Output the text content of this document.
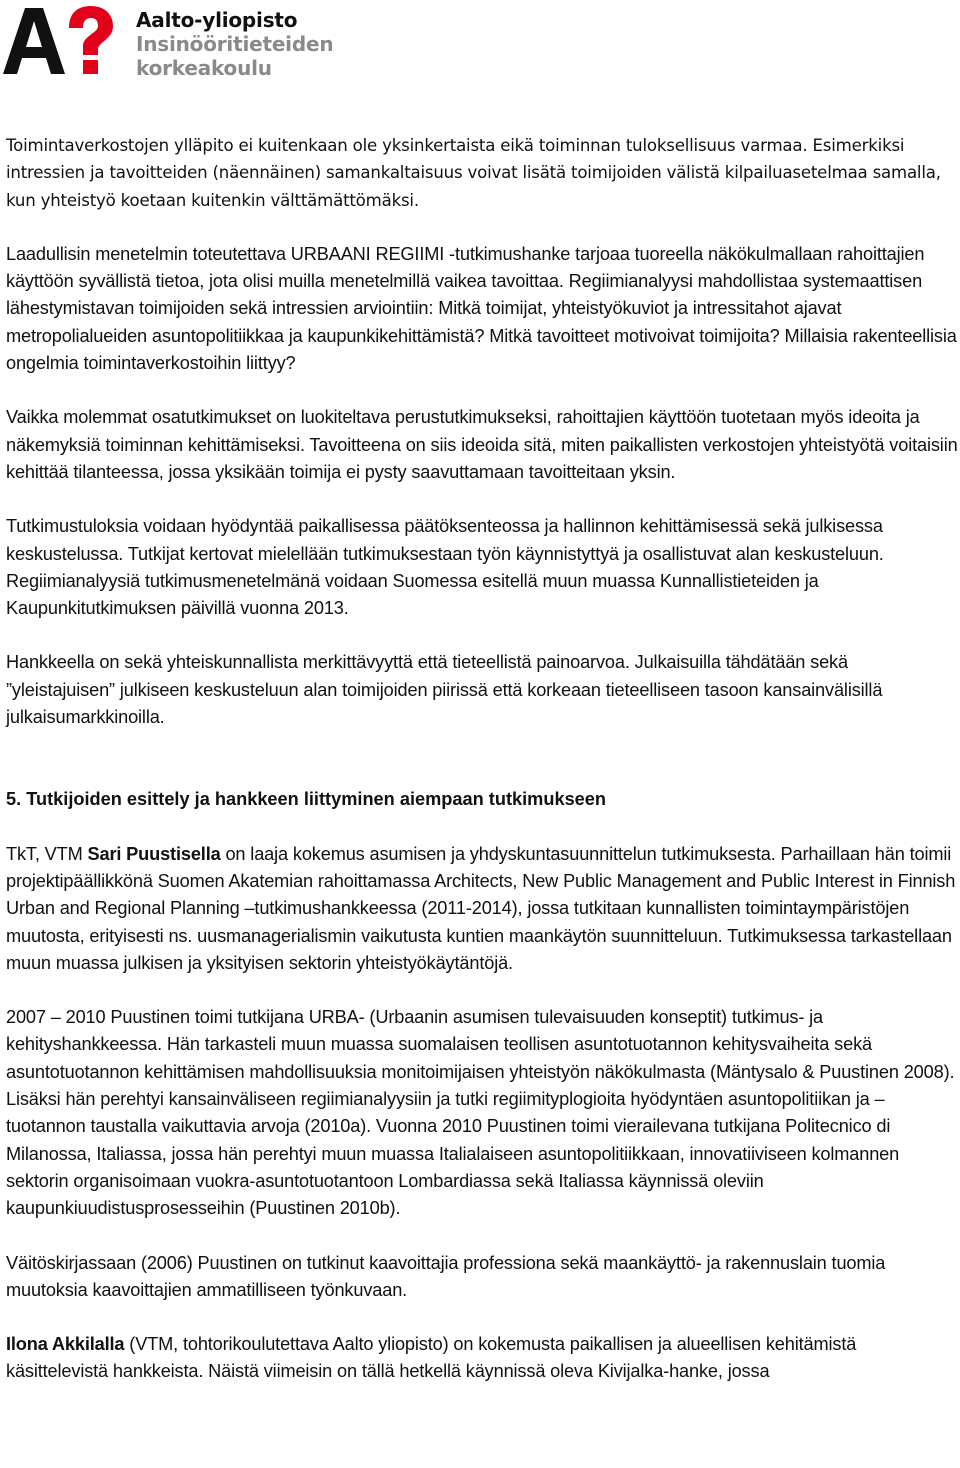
Aalto-yliopisto
Insinööritieteiden
korkeakoulu

Toimintaverkostojen ylläpito ei kuitenkaan ole yksinkertaista eikä toiminnan tuloksellisuus varmaa. Esimerkiksi intressien ja tavoitteiden (näennäinen) samankaltaisuus voivat lisätä toimijoiden välistä kilpailuasetelmaa samalla, kun yhteistyö koetaan kuitenkin välttämättömäksi.

Laadullisin menetelmin toteutettava URBAANI REGIIMI -tutkimushanke tarjoaa tuoreella näkökulmallaan rahoittajien käyttöön syvällistä tietoa, jota olisi muilla menetelmillä vaikea tavoittaa. Regiimianalyysi mahdollistaa systemaattisen lähestymistavan toimijoiden sekä intressien arviointiin: Mitkä toimijat, yhteistyökuviot ja intressitahot ajavat metropolialueiden asuntopolitiikkaa ja kaupunkikehittämistä? Mitkä tavoitteet motivoivat toimijoita? Millaisia rakenteellisia ongelmia toimintaverkostoihin liittyy?

Vaikka molemmat osatutkimukset on luokiteltava perustutkimukseksi, rahoittajien käyttöön tuotetaan myös ideoita ja näkemyksiä toiminnan kehittämiseksi. Tavoitteena on siis ideoida sitä, miten paikallisten verkostojen yhteistyötä voitaisiin kehittää tilanteessa, jossa yksikään toimija ei pysty saavuttamaan tavoitteitaan yksin.

Tutkimustuloksia voidaan hyödyntää paikallisessa päätöksenteossa ja hallinnon kehittämisessä sekä julkisessa keskustelussa. Tutkijat kertovat mielellään tutkimuksestaan työn käynnistyttyä ja osallistuvat alan keskusteluun. Regiimianalyysiä tutkimusmenetelmänä voidaan Suomessa esitellä muun muassa Kunnallistieteiden ja Kaupunkitutkimuksen päivillä vuonna 2013.

Hankkeella on sekä yhteiskunnallista merkittävyyttä että tieteellistä painoarvoa. Julkaisuilla tähdätään sekä ”yleistajuisen” julkiseen keskusteluun alan toimijoiden piirissä että korkeaan tieteelliseen tasoon kansainvälisillä julkaisumarkkinoilla.

5. Tutkijoiden esittely ja hankkeen liittyminen aiempaan tutkimukseen

TkT, VTM Sari Puustisella on laaja kokemus asumisen ja yhdyskuntasuunnittelun tutkimuksesta. Parhaillaan hän toimii projektipäällikkönä Suomen Akatemian rahoittamassa Architects, New Public Management and Public Interest in Finnish Urban and Regional Planning –tutkimushankkeessa (2011-2014), jossa tutkitaan kunnallisten toimintaympäristöjen muutosta, erityisesti ns. uusmanagerialismin vaikutusta kuntien maankäytön suunnitteluun. Tutkimuksessa tarkastellaan muun muassa julkisen ja yksityisen sektorin yhteistyökäytäntöjä.

2007 – 2010 Puustinen toimi tutkijana URBA- (Urbaanin asumisen tulevaisuuden konseptit) tutkimus- ja kehityshankkeessa. Hän tarkasteli muun muassa suomalaisen teollisen asuntotuotannon kehitysvaiheita sekä asuntotuotannon kehittämisen mahdollisuuksia monitoimijaisen yhteistyön näkökulmasta (Mäntysalo & Puustinen 2008). Lisäksi hän perehtyi kansainväliseen regiimianalyysiin ja tutki regiimityplogioita hyödyntäen asuntopolitiikan ja –tuotannon taustalla vaikuttavia arvoja (2010a). Vuonna 2010 Puustinen toimi vierailevana tutkijana Politecnico di Milanossa, Italiassa, jossa hän perehtyi muun muassa Italialaiseen asuntopolitiikkaan, innovatiiviseen kolmannen sektorin organisoimaan vuokra-asuntotuotantoon Lombardiassa sekä Italiassa käynnissä oleviin kaupunkiuudistusprosesseihin (Puustinen 2010b).

Väitöskirjassaan (2006) Puustinen on tutkinut kaavoittajia professiona sekä maankäyttö- ja rakennuslain tuomia muutoksia kaavoittajien ammatilliseen työnkuvaan.

Ilona Akkilalla (VTM, tohtorikoulutettava Aalto yliopisto) on kokemusta paikallisen ja alueellisen kehitämistä käsittelevistä hankkeista. Näistä viimeisin on tällä hetkellä käynnissä oleva Kivijalka-hanke, jossa
